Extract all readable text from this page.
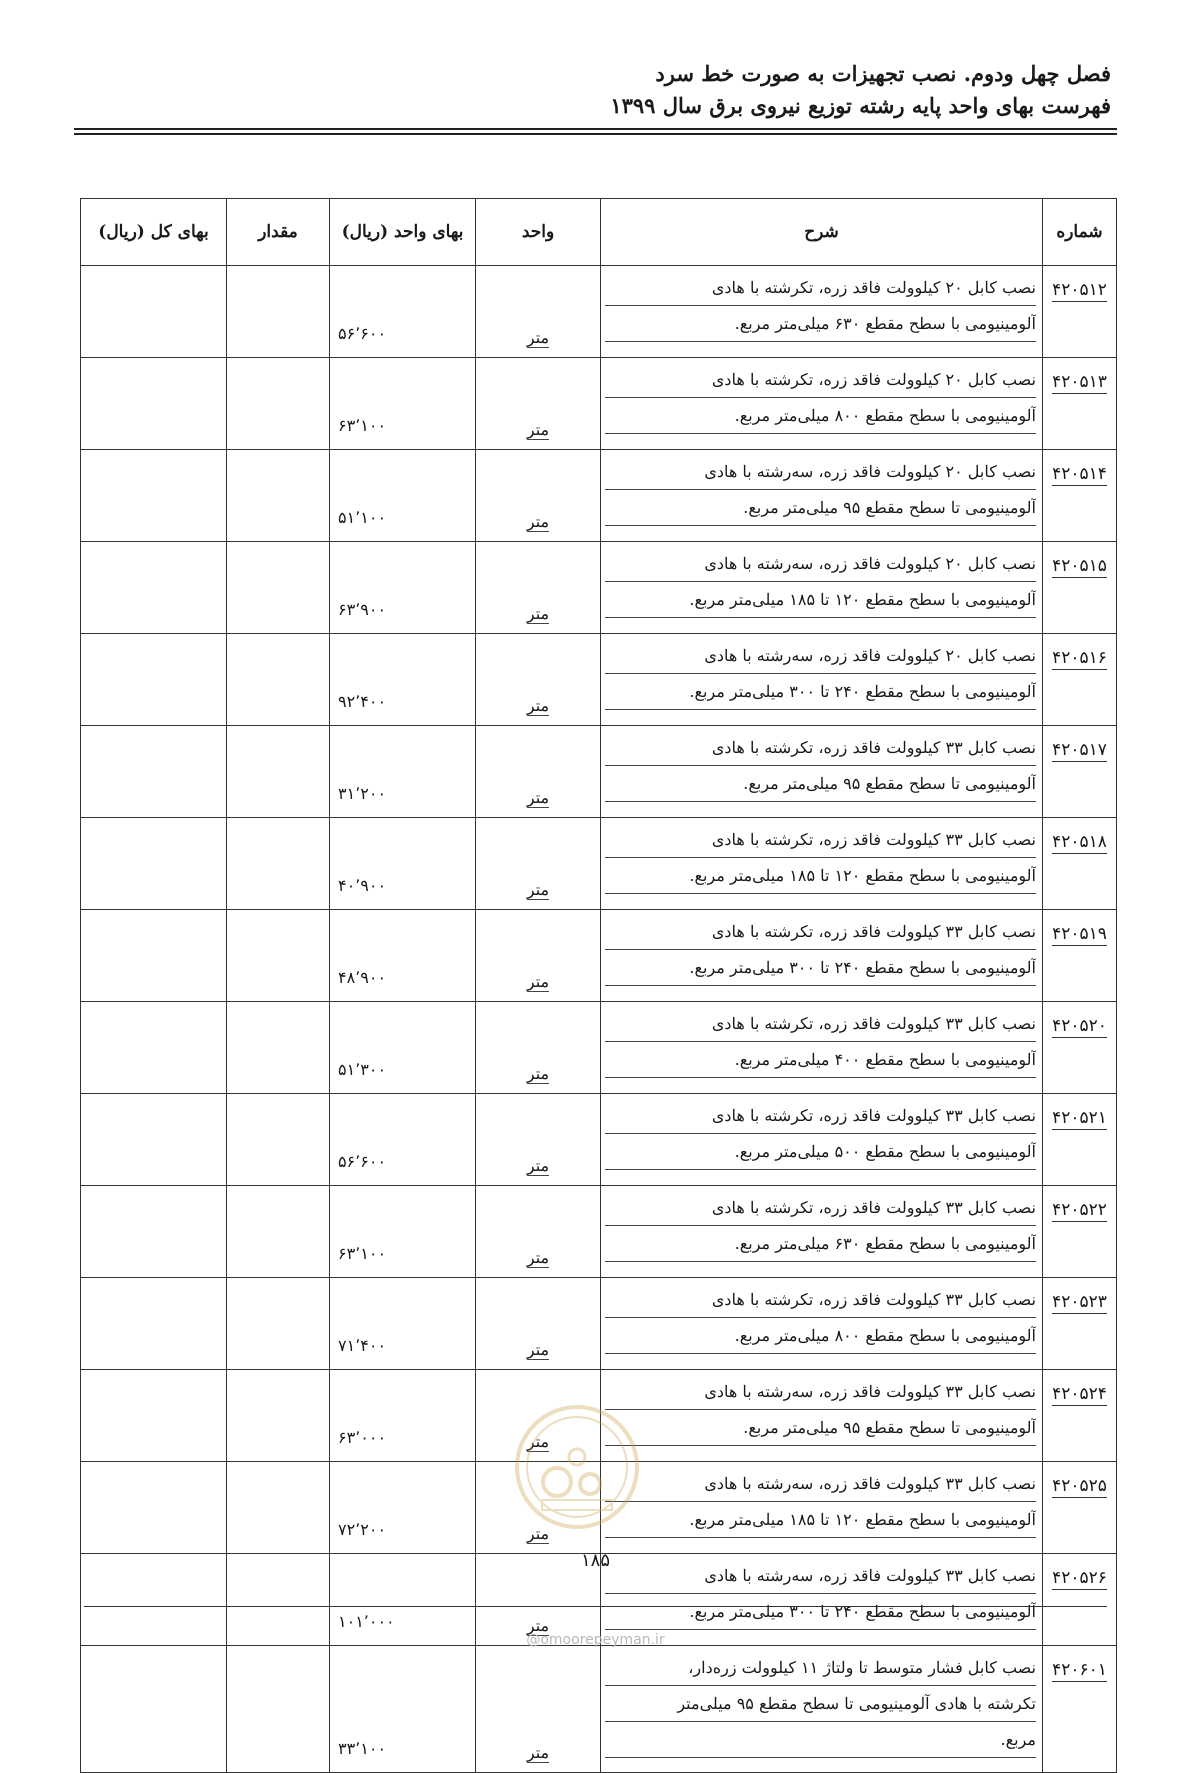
فصل چهل ودوم. نصب تجهیزات به صورت خط سرد
فهرست بهای واحد پایه رشته توزیع نیروی برق سال ۱۳۹۹
شماره	شرح	واحد	بهای واحد (ریال)	مقدار	بهای کل (ریال)
۴۲۰۵۱۲	نصب کابل ۲۰ کیلوولت فاقد زره، تکرشته با هادی
آلومینیومی با سطح مقطع ۶۳۰ میلی‌متر مربع.	متر	۵۶٬۶۰۰		
۴۲۰۵۱۳	نصب کابل ۲۰ کیلوولت فاقد زره، تکرشته با هادی
آلومینیومی با سطح مقطع ۸۰۰ میلی‌متر مربع.	متر	۶۳٬۱۰۰		
۴۲۰۵۱۴	نصب کابل ۲۰ کیلوولت فاقد زره، سه‌رشته با هادی
آلومینیومی تا سطح مقطع ۹۵ میلی‌متر مربع.	متر	۵۱٬۱۰۰		
۴۲۰۵۱۵	نصب کابل ۲۰ کیلوولت فاقد زره، سه‌رشته با هادی
آلومینیومی با سطح مقطع ۱۲۰ تا ۱۸۵ میلی‌متر مربع.	متر	۶۳٬۹۰۰		
۴۲۰۵۱۶	نصب کابل ۲۰ کیلوولت فاقد زره، سه‌رشته با هادی
آلومینیومی با سطح مقطع ۲۴۰ تا ۳۰۰ میلی‌متر مربع.	متر	۹۲٬۴۰۰		
۴۲۰۵۱۷	نصب کابل ۳۳ کیلوولت فاقد زره، تکرشته با هادی
آلومینیومی تا سطح مقطع ۹۵ میلی‌متر مربع.	متر	۳۱٬۲۰۰		
۴۲۰۵۱۸	نصب کابل ۳۳ کیلوولت فاقد زره، تکرشته با هادی
آلومینیومی با سطح مقطع ۱۲۰ تا ۱۸۵ میلی‌متر مربع.	متر	۴۰٬۹۰۰		
۴۲۰۵۱۹	نصب کابل ۳۳ کیلوولت فاقد زره، تکرشته با هادی
آلومینیومی با سطح مقطع ۲۴۰ تا ۳۰۰ میلی‌متر مربع.	متر	۴۸٬۹۰۰		
۴۲۰۵۲۰	نصب کابل ۳۳ کیلوولت فاقد زره، تکرشته با هادی
آلومینیومی با سطح مقطع ۴۰۰ میلی‌متر مربع.	متر	۵۱٬۳۰۰		
۴۲۰۵۲۱	نصب کابل ۳۳ کیلوولت فاقد زره، تکرشته با هادی
آلومینیومی با سطح مقطع ۵۰۰ میلی‌متر مربع.	متر	۵۶٬۶۰۰		
۴۲۰۵۲۲	نصب کابل ۳۳ کیلوولت فاقد زره، تکرشته با هادی
آلومینیومی با سطح مقطع ۶۳۰ میلی‌متر مربع.	متر	۶۳٬۱۰۰		
۴۲۰۵۲۳	نصب کابل ۳۳ کیلوولت فاقد زره، تکرشته با هادی
آلومینیومی با سطح مقطع ۸۰۰ میلی‌متر مربع.	متر	۷۱٬۴۰۰		
۴۲۰۵۲۴	نصب کابل ۳۳ کیلوولت فاقد زره، سه‌رشته با هادی
آلومینیومی تا سطح مقطع ۹۵ میلی‌متر مربع.	متر	۶۳٬۰۰۰		
۴۲۰۵۲۵	نصب کابل ۳۳ کیلوولت فاقد زره، سه‌رشته با هادی
آلومینیومی با سطح مقطع ۱۲۰ تا ۱۸۵ میلی‌متر مربع.	متر	۷۲٬۲۰۰		
۴۲۰۵۲۶	نصب کابل ۳۳ کیلوولت فاقد زره، سه‌رشته با هادی
آلومینیومی با سطح مقطع ۲۴۰ تا ۳۰۰ میلی‌متر مربع.	متر	۱۰۱٬۰۰۰		
۴۲۰۶۰۱	نصب کابل فشار متوسط تا ولتاژ ۱۱ کیلوولت زره‌دار،
تکرشته با هادی آلومینیومی تا سطح مقطع ۹۵ میلی‌متر
مربع.	متر	۳۳٬۱۰۰		
۱۸۵
@omoorepeyman.ir
